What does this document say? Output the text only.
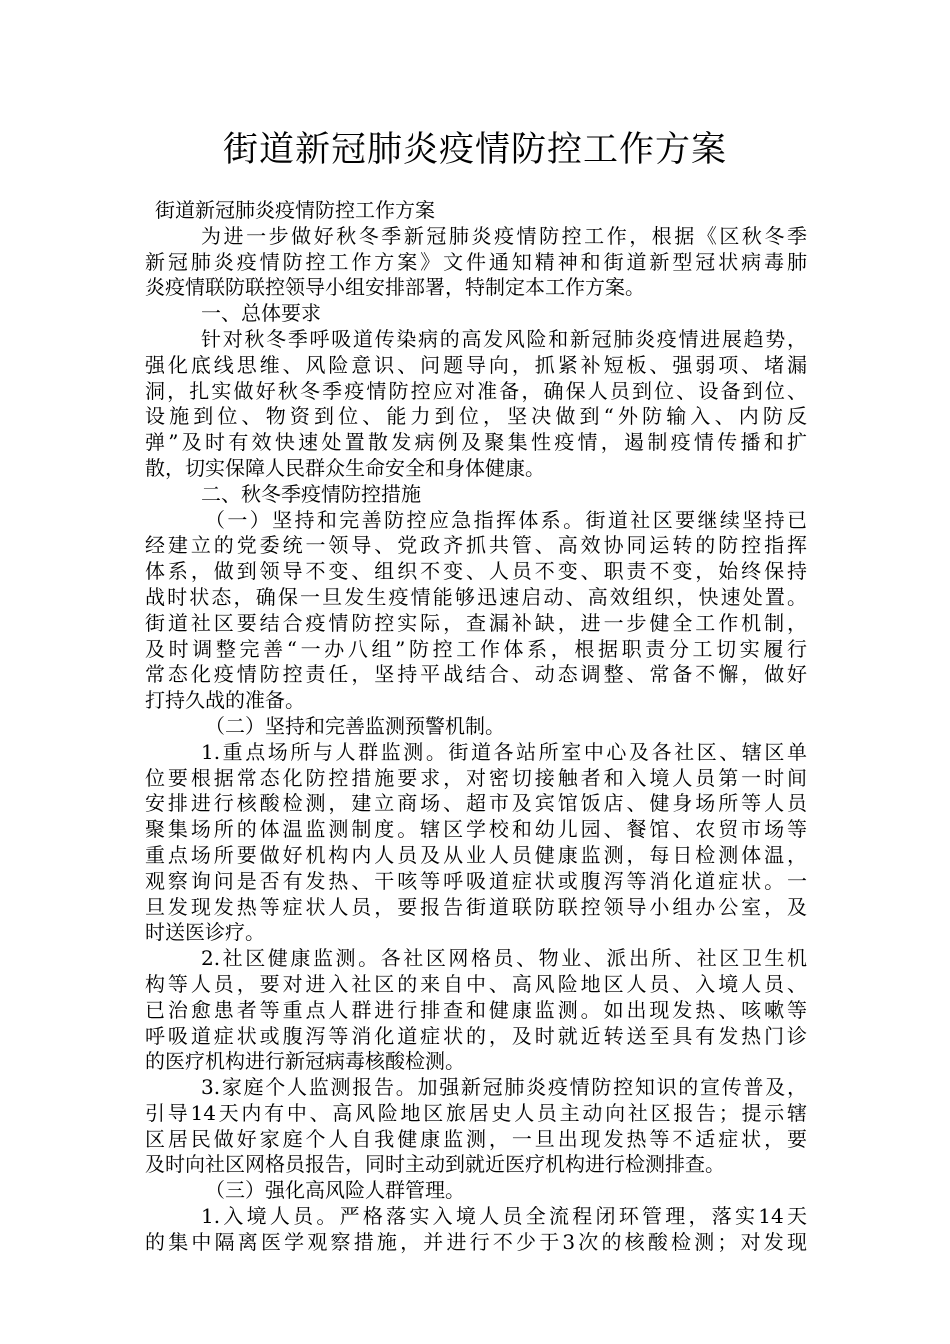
街道新冠肺炎疫情防控工作方案
街道新冠肺炎疫情防控工作方案
为进一步做好秋冬季新冠肺炎疫情防控工作，根据《区秋冬季
新冠肺炎疫情防控工作方案》文件通知精神和街道新型冠状病毒肺
炎疫情联防联控领导小组安排部署，特制定本工作方案。
一、总体要求
针对秋冬季呼吸道传染病的高发风险和新冠肺炎疫情进展趋势，
强化底线思维、风险意识、问题导向，抓紧补短板、强弱项、堵漏
洞，扎实做好秋冬季疫情防控应对准备，确保人员到位、设备到位、
设施到位、物资到位、能力到位，坚决做到“外防输入、内防反
弹”及时有效快速处置散发病例及聚集性疫情，遏制疫情传播和扩
散，切实保障人民群众生命安全和身体健康。
二、秋冬季疫情防控措施
（一）坚持和完善防控应急指挥体系。街道社区要继续坚持已
经建立的党委统一领导、党政齐抓共管、高效协同运转的防控指挥
体系，做到领导不变、组织不变、人员不变、职责不变，始终保持
战时状态，确保一旦发生疫情能够迅速启动、高效组织，快速处置。
街道社区要结合疫情防控实际，查漏补缺，进一步健全工作机制，
及时调整完善“一办八组”防控工作体系，根据职责分工切实履行
常态化疫情防控责任，坚持平战结合、动态调整、常备不懈，做好
打持久战的准备。
（二）坚持和完善监测预警机制。
1.重点场所与人群监测。街道各站所室中心及各社区、辖区单
位要根据常态化防控措施要求，对密切接触者和入境人员第一时间
安排进行核酸检测，建立商场、超市及宾馆饭店、健身场所等人员
聚集场所的体温监测制度。辖区学校和幼儿园、餐馆、农贸市场等
重点场所要做好机构内人员及从业人员健康监测，每日检测体温，
观察询问是否有发热、干咳等呼吸道症状或腹泻等消化道症状。一
旦发现发热等症状人员，要报告街道联防联控领导小组办公室，及
时送医诊疗。
2.社区健康监测。各社区网格员、物业、派出所、社区卫生机
构等人员，要对进入社区的来自中、高风险地区人员、入境人员、
已治愈患者等重点人群进行排查和健康监测。如出现发热、咳嗽等
呼吸道症状或腹泻等消化道症状的，及时就近转送至具有发热门诊
的医疗机构进行新冠病毒核酸检测。
3.家庭个人监测报告。加强新冠肺炎疫情防控知识的宣传普及，
引导14天内有中、高风险地区旅居史人员主动向社区报告；提示辖
区居民做好家庭个人自我健康监测，一旦出现发热等不适症状，要
及时向社区网格员报告，同时主动到就近医疗机构进行检测排查。
（三）强化高风险人群管理。
1.入境人员。严格落实入境人员全流程闭环管理，落实14天
的集中隔离医学观察措施，并进行不少于3次的核酸检测；对发现
